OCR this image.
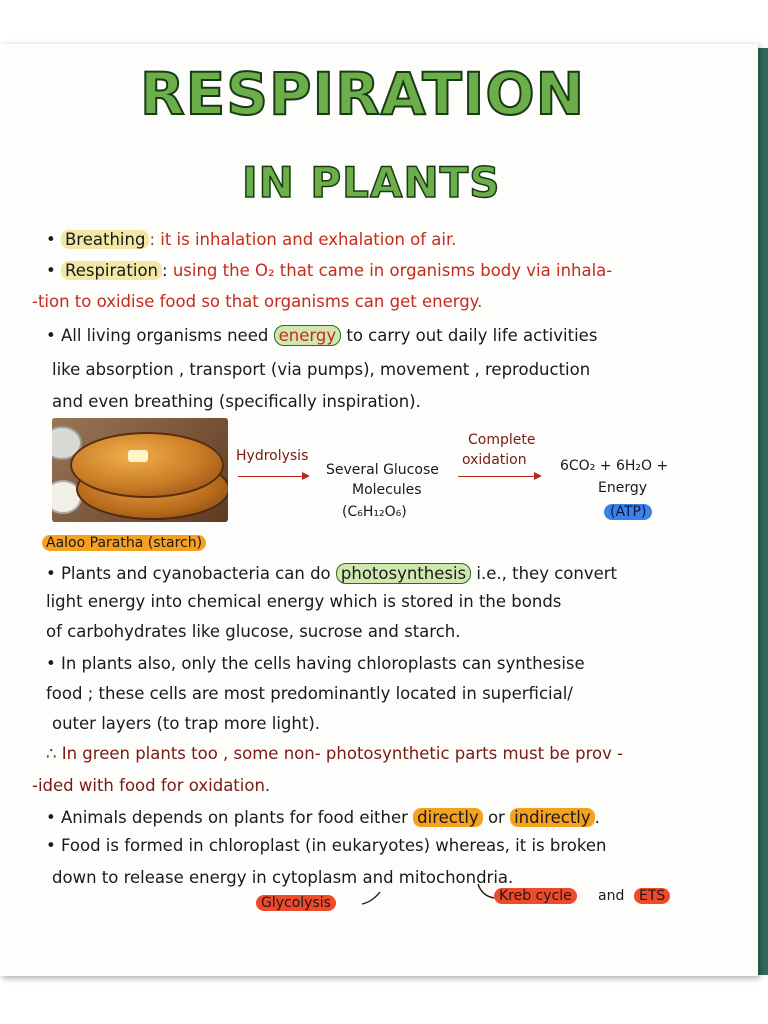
RESPIRATION
IN PLANTS
• Breathing : it is inhalation and exhalation of air.
• Respiration : using the O₂ that came in organisms body via inhala-
-tion to oxidise food so that organisms can get energy.
• All living organisms need energy to carry out daily life activities
like absorption , transport (via pumps), movement , reproduction
and even breathing (specifically inspiration).
Hydrolysis
Several Glucose
Molecules
(C₆H₁₂O₆)
Complete
oxidation 6CO₂ + 6H₂O +
Energy
(ATP)
Aaloo Paratha (starch)
• Plants and cyanobacteria can do photosynthesis i.e., they convert
light energy into chemical energy which is stored in the bonds
of carbohydrates like glucose, sucrose and starch.
• In plants also, only the cells having chloroplasts can synthesise
food ; these cells are most predominantly located in superficial/
outer layers (to trap more light).
∴ In green plants too , some non- photosynthetic parts must be prov -
-ided with food for oxidation.
• Animals depends on plants for food either directly or indirectly .
• Food is formed in chloroplast (in eukaryotes) whereas, it is broken
down to release energy in cytoplasm and mitochondria.
Glycolysis	Kreb cycle	and	ETS
